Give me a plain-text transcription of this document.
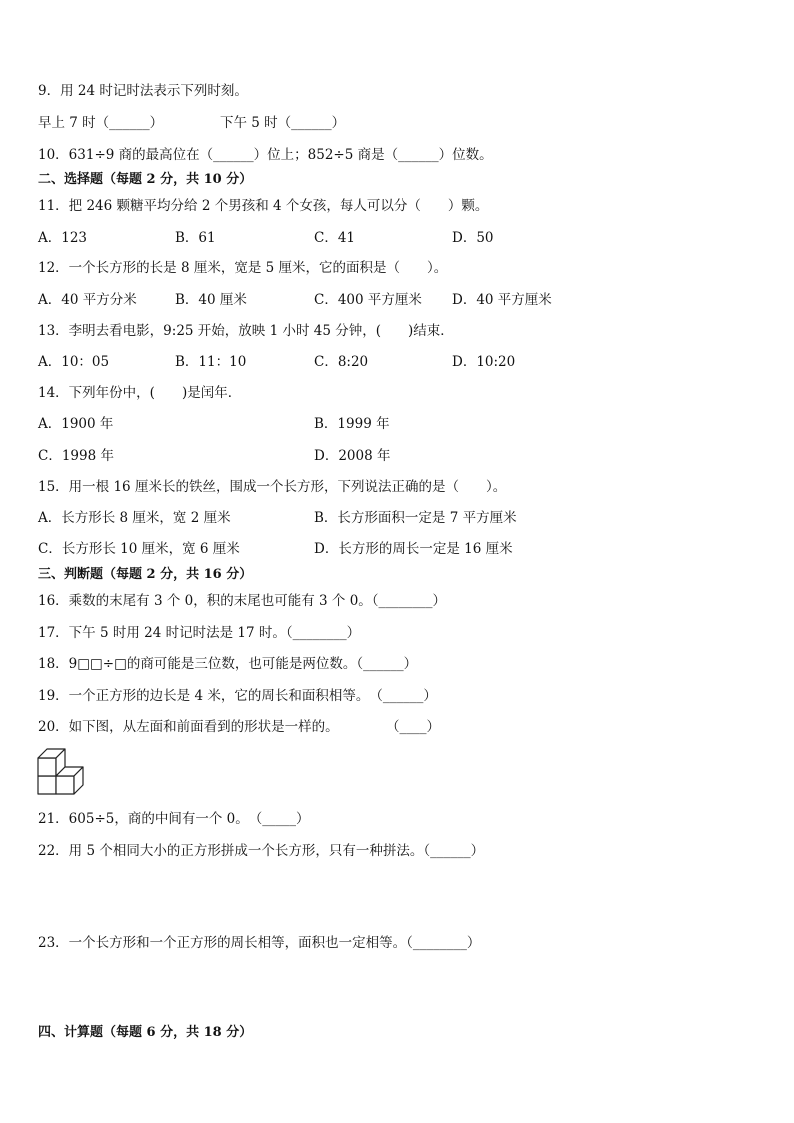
9．用 24 时记时法表示下列时刻。
早上 7 时（______）	下午 5 时（______）
10．631÷9 商的最高位在（______）位上；852÷5 商是（______）位数。
二、选择题（每题 2 分，共 10 分）
11．把 246 颗糖平均分给 2 个男孩和 4 个女孩，每人可以分（　　）颗。
A．123	B．61	C．41	D．50
12．一个长方形的长是 8 厘米，宽是 5 厘米，它的面积是（　　）。
A．40 平方分米	B．40 厘米	C．400 平方厘米 D．40 平方厘米
13．李明去看电影，9:25 开始，放映 1 小时 45 分钟，(　　)结束．
A．10：05	B．11：10	C．8:20	D．10:20
14．下列年份中，(　　)是闰年．
A．1900 年	B．1999 年
C．1998 年	D．2008 年
15．用一根 16 厘米长的铁丝，围成一个长方形，下列说法正确的是（　　）。
A．长方形长 8 厘米，宽 2 厘米	B．长方形面积一定是 7 平方厘米
C．长方形长 10 厘米，宽 6 厘米	D．长方形的周长一定是 16 厘米
三、判断题（每题 2 分，共 16 分）
16．乘数的末尾有 3 个 0，积的末尾也可能有 3 个 0。（________）
17．下午 5 时用 24 时记时法是 17 时。（________）
18．9□□÷□的商可能是三位数，也可能是两位数。（______）
19．一个正方形的边长是 4 米，它的周长和面积相等。　（______）
20．如下图，从左面和前面看到的形状是一样的。	（____）
21．605÷5，商的中间有一个 0。　（_____）
22．用 5 个相同大小的正方形拼成一个长方形，只有一种拼法。（______）
23．一个长方形和一个正方形的周长相等，面积也一定相等。（________）
四、计算题（每题 6 分，共 18 分）
